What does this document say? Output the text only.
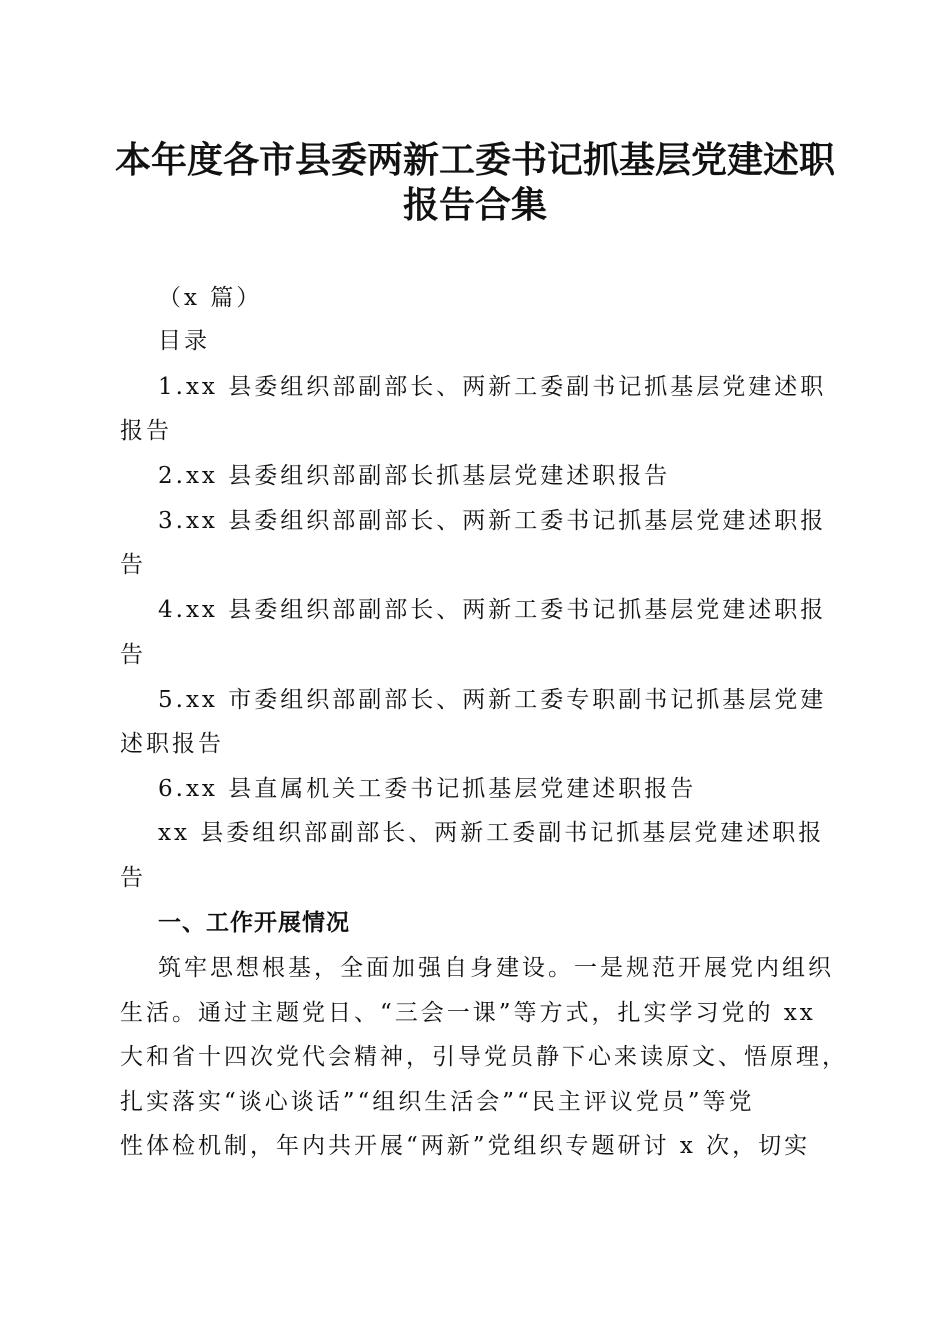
本年度各市县委两新工委书记抓基层党建述职
报告合集
（x 篇）
目录
1.xx 县委组织部副部长、两新工委副书记抓基层党建述职
报告
2.xx 县委组织部副部长抓基层党建述职报告
3.xx 县委组织部副部长、两新工委书记抓基层党建述职报
告
4.xx 县委组织部副部长、两新工委书记抓基层党建述职报
告
5.xx 市委组织部副部长、两新工委专职副书记抓基层党建
述职报告
6.xx 县直属机关工委书记抓基层党建述职报告
xx 县委组织部副部长、两新工委副书记抓基层党建述职报
告
一、工作开展情况
筑牢思想根基，全面加强自身建设。一是规范开展党内组织
生活。通过主题党日、“三会一课”等方式，扎实学习党的 xx
大和省十四次党代会精神，引导党员静下心来读原文、悟原理，
扎实落实“谈心谈话”“组织生活会”“民主评议党员”等党
性体检机制，年内共开展“两新”党组织专题研讨 x 次，切实
